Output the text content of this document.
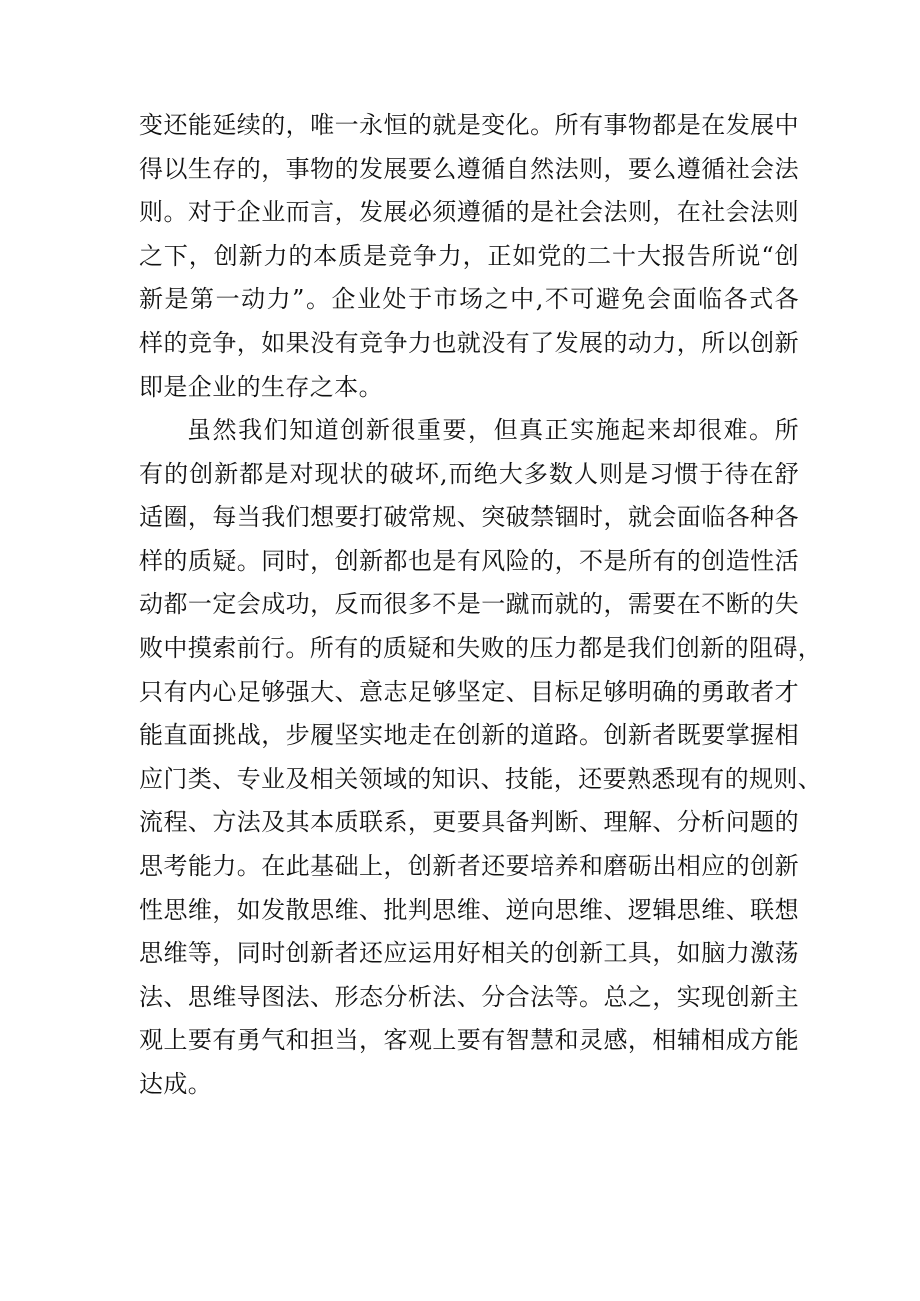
变还能延续的，唯一永恒的就是变化。所有事物都是在发展中
得以生存的，事物的发展要么遵循自然法则，要么遵循社会法
则。对于企业而言，发展必须遵循的是社会法则，在社会法则
之下，创新力的本质是竞争力，正如党的二十大报告所说“创
新是第一动力”。企业处于市场之中,不可避免会面临各式各
样的竞争，如果没有竞争力也就没有了发展的动力，所以创新
即是企业的生存之本。
虽然我们知道创新很重要，但真正实施起来却很难。所
有的创新都是对现状的破坏,而绝大多数人则是习惯于待在舒
适圈，每当我们想要打破常规、突破禁锢时，就会面临各种各
样的质疑。同时，创新都也是有风险的，不是所有的创造性活
动都一定会成功，反而很多不是一蹴而就的，需要在不断的失
败中摸索前行。所有的质疑和失败的压力都是我们创新的阻碍，
只有内心足够强大、意志足够坚定、目标足够明确的勇敢者才
能直面挑战，步履坚实地走在创新的道路。创新者既要掌握相
应门类、专业及相关领域的知识、技能，还要熟悉现有的规则、
流程、方法及其本质联系，更要具备判断、理解、分析问题的
思考能力。在此基础上，创新者还要培养和磨砺出相应的创新
性思维，如发散思维、批判思维、逆向思维、逻辑思维、联想
思维等，同时创新者还应运用好相关的创新工具，如脑力激荡
法、思维导图法、形态分析法、分合法等。总之，实现创新主
观上要有勇气和担当，客观上要有智慧和灵感，相辅相成方能
达成。
